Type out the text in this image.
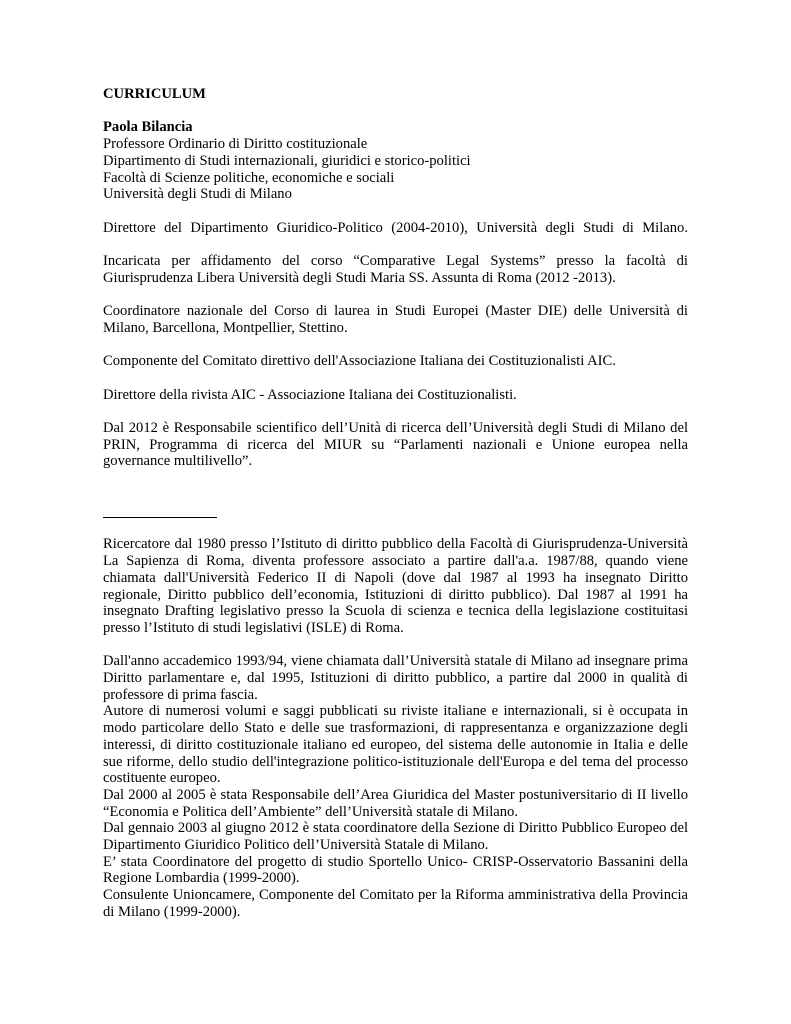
CURRICULUM

Paola Bilancia

Professore Ordinario di Diritto costituzionale

Dipartimento di Studi internazionali, giuridici e storico-politici

Facoltà di Scienze politiche, economiche e sociali

Università degli Studi di Milano

Direttore del Dipartimento Giuridico-Politico (2004-2010), Università degli Studi di Milano.

Incaricata per affidamento del corso “Comparative Legal Systems” presso la facoltà di Giurisprudenza Libera Università degli Studi Maria SS. Assunta di Roma (2012 -2013).

Coordinatore nazionale del Corso di laurea in Studi Europei (Master DIE) delle Università di Milano, Barcellona, Montpellier, Stettino.

Componente del Comitato direttivo dell'Associazione Italiana dei Costituzionalisti AIC.

Direttore della rivista AIC - Associazione Italiana dei Costituzionalisti.

Dal 2012 è Responsabile scientifico dell’Unità di ricerca dell’Università degli Studi di Milano del PRIN, Programma di ricerca del MIUR su “Parlamenti nazionali e Unione europea nella governance multilivello”.

Ricercatore dal 1980 presso l’Istituto di diritto pubblico della Facoltà di Giurisprudenza-Università La Sapienza di Roma, diventa professore associato a partire dall'a.a. 1987/88, quando viene chiamata dall'Università Federico II di Napoli (dove dal 1987 al 1993 ha insegnato Diritto regionale, Diritto pubblico dell’economia, Istituzioni di diritto pubblico). Dal 1987 al 1991 ha insegnato Drafting legislativo presso la Scuola di scienza e tecnica della legislazione costituitasi presso l’Istituto di studi legislativi (ISLE) di Roma.

Dall'anno accademico 1993/94, viene chiamata dall’Università statale di Milano ad insegnare prima Diritto parlamentare e, dal 1995, Istituzioni di diritto pubblico, a partire dal 2000 in qualità di professore di prima fascia.

Autore di numerosi volumi e saggi pubblicati su riviste italiane e internazionali, si è occupata in modo particolare dello Stato e delle sue trasformazioni, di rappresentanza e organizzazione degli interessi, di diritto costituzionale italiano ed europeo, del sistema delle autonomie in Italia e delle sue riforme, dello studio dell'integrazione politico-istituzionale dell'Europa e del tema del processo costituente europeo.

Dal 2000 al 2005 è stata Responsabile dell’Area Giuridica del Master postuniversitario di II livello “Economia e Politica dell’Ambiente” dell’Università statale di Milano.

Dal gennaio 2003 al giugno 2012 è stata coordinatore della Sezione di Diritto Pubblico Europeo del Dipartimento Giuridico Politico dell’Università Statale di Milano.

E’ stata Coordinatore del progetto di studio Sportello Unico- CRISP-Osservatorio Bassanini della Regione Lombardia (1999-2000).

Consulente Unioncamere, Componente del Comitato per la Riforma amministrativa della Provincia di Milano (1999-2000).
